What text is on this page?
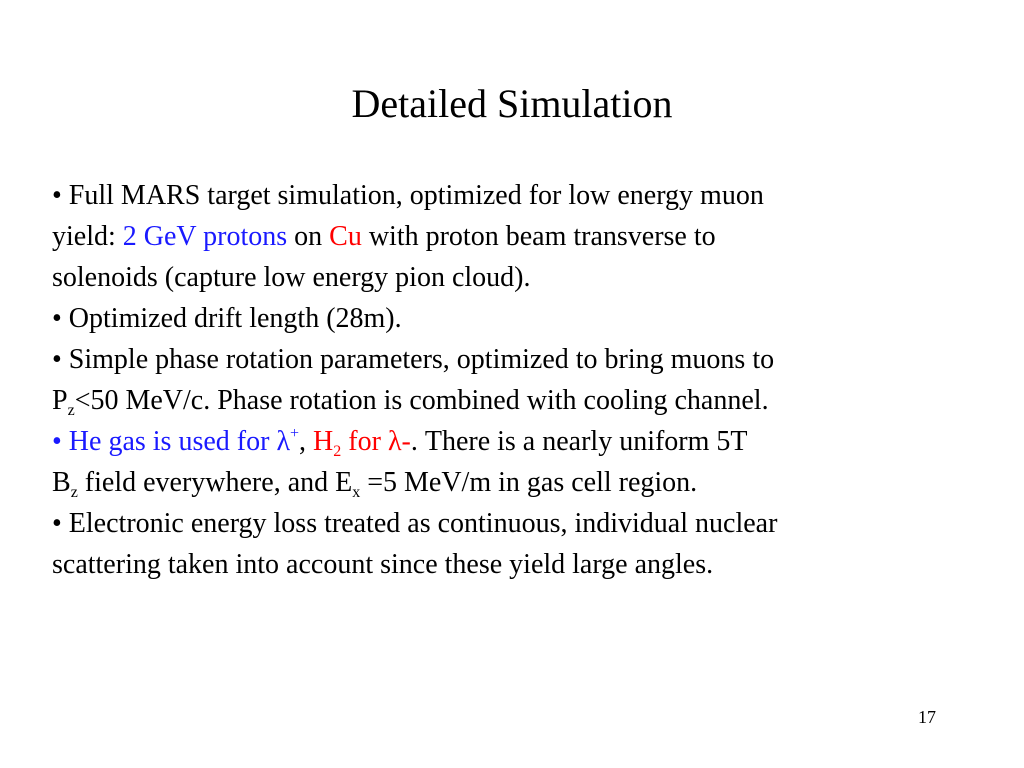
Detailed Simulation

• Full MARS target simulation, optimized for low energy muon

yield: 2 GeV protons on Cu with proton beam transverse to

solenoids (capture low energy pion cloud).

• Optimized drift length (28m).

• Simple phase rotation parameters, optimized to bring muons to

$P_z<50$ MeV/c. Phase rotation is combined with cooling channel.

• He gas is used for λ+, $H_2$ for λ-. There is a nearly uniform 5T

$B_z$ field everywhere, and $E_x =5$ MeV/m in gas cell region.

• Electronic energy loss treated as continuous, individual nuclear

scattering taken into account since these yield large angles.

17
